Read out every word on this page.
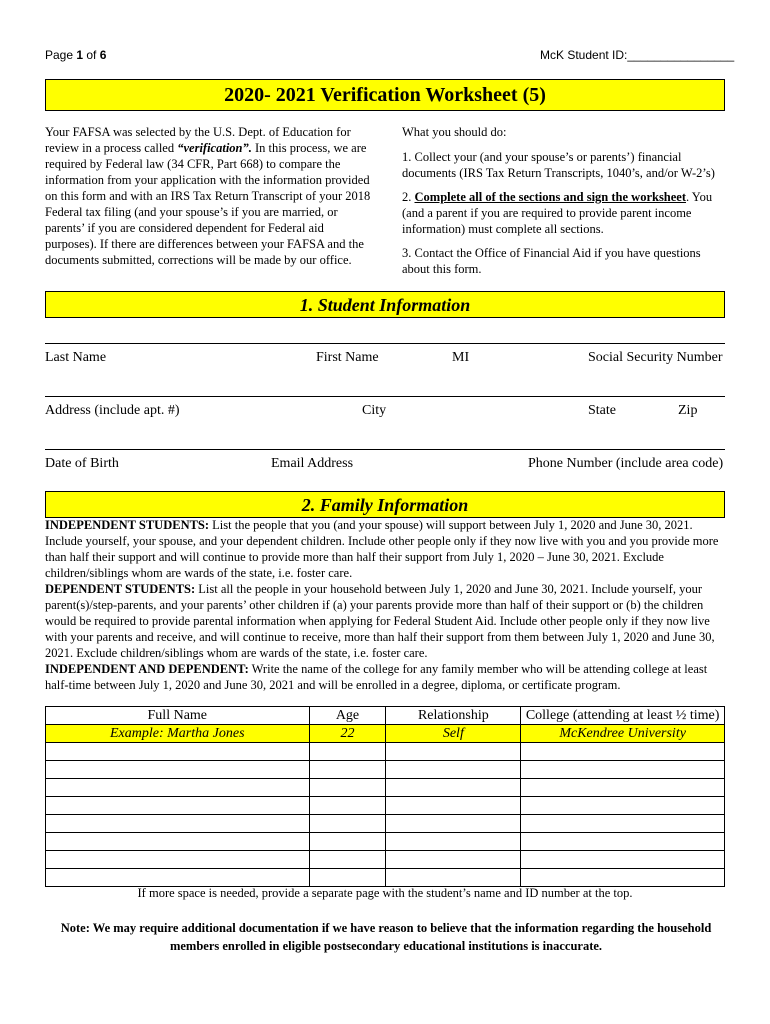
Page 1 of 6	McK Student ID:________________
2020- 2021 Verification Worksheet (5)
Your FAFSA was selected by the U.S. Dept. of Education for review in a process called “verification”. In this process, we are required by Federal law (34 CFR, Part 668) to compare the information from your application with the information provided on this form and with an IRS Tax Return Transcript of your 2018 Federal tax filing (and your spouse’s if you are married, or parents’ if you are considered dependent for Federal aid purposes). If there are differences between your FAFSA and the documents submitted, corrections will be made by our office.
What you should do:
1. Collect your (and your spouse’s or parents’) financial documents (IRS Tax Return Transcripts, 1040’s, and/or W-2’s)
2. Complete all of the sections and sign the worksheet. You (and a parent if you are required to provide parent income information) must complete all sections.
3. Contact the Office of Financial Aid if you have questions about this form.
1. Student Information
Last Name	First Name	MI	Social Security Number
Address (include apt. #)	City	State	Zip
Date of Birth	Email Address	Phone Number (include area code)
2. Family Information
INDEPENDENT STUDENTS: List the people that you (and your spouse) will support between July 1, 2020 and June 30, 2021. Include yourself, your spouse, and your dependent children. Include other people only if they now live with you and you provide more than half their support and will continue to provide more than half their support from July 1, 2020 – June 30, 2021. Exclude children/siblings whom are wards of the state, i.e. foster care.
DEPENDENT STUDENTS: List all the people in your household between July 1, 2020 and June 30, 2021. Include yourself, your parent(s)/step-parents, and your parents’ other children if (a) your parents provide more than half of their support or (b) the children would be required to provide parental information when applying for Federal Student Aid. Include other people only if they now live with your parents and receive, and will continue to receive, more than half their support from them between July 1, 2020 and June 30, 2021. Exclude children/siblings whom are wards of the state, i.e. foster care.
INDEPENDENT AND DEPENDENT: Write the name of the college for any family member who will be attending college at least half-time between July 1, 2020 and June 30, 2021 and will be enrolled in a degree, diploma, or certificate program.
Full Name	Age	Relationship	College (attending at least ½ time)
Example: Martha Jones	22	Self	McKendree University

If more space is needed, provide a separate page with the student’s name and ID number at the top.
Note: We may require additional documentation if we have reason to believe that the information regarding the household members enrolled in eligible postsecondary educational institutions is inaccurate.
